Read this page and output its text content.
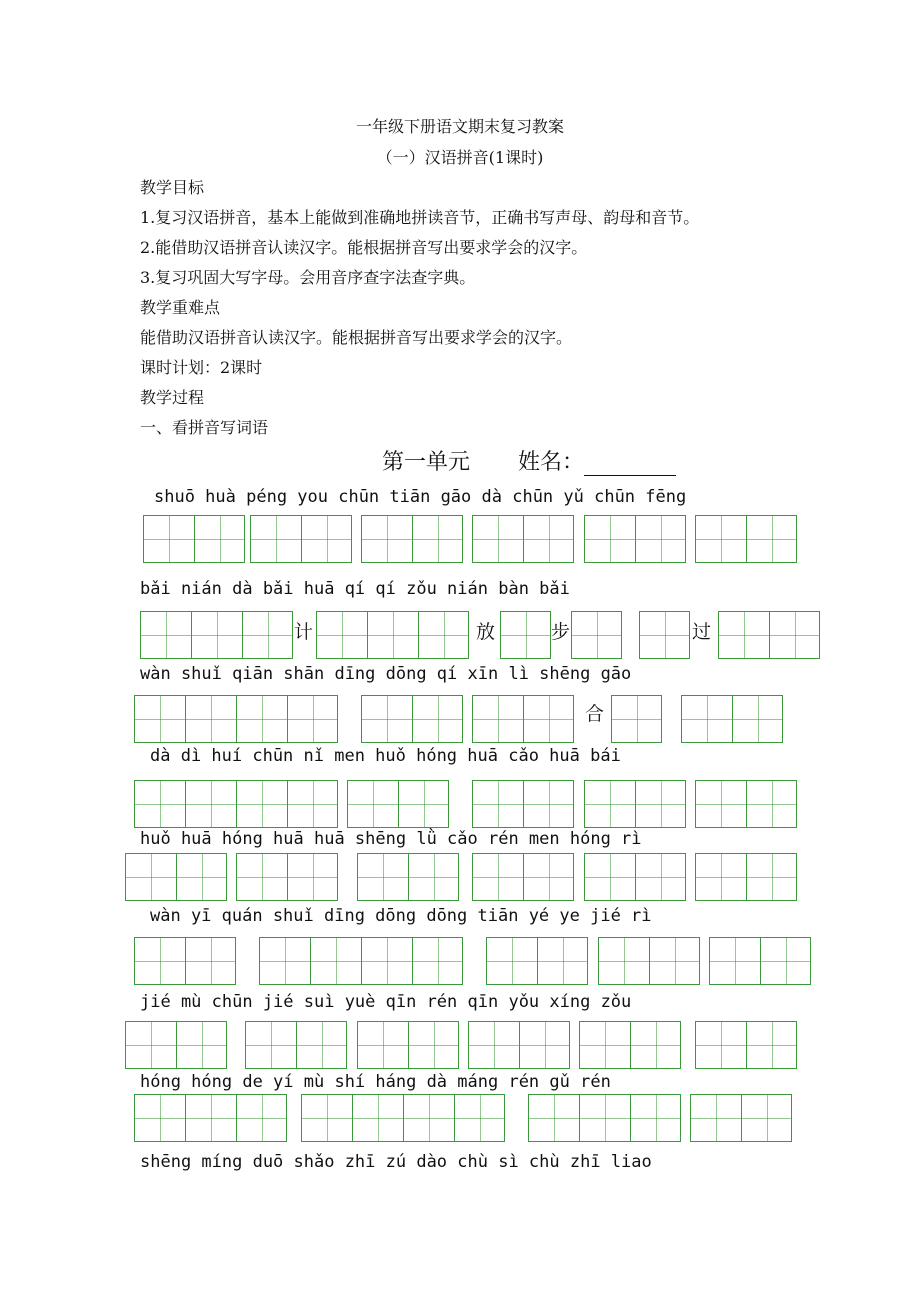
一年级下册语文期末复习教案
（一）汉语拼音(1课时)
教学目标
1.复习汉语拼音，基本上能做到准确地拼读音节，正确书写声母、韵母和音节。
2.能借助汉语拼音认读汉字。能根据拼音写出要求学会的汉字。
3.复习巩固大写字母。会用音序查字法查字典。
教学重难点
能借助汉语拼音认读汉字。能根据拼音写出要求学会的汉字。
课时计划：2课时
教学过程
一、看拼音写词语
第一单元 姓名：
shuō huà péng you chūn tiān gāo dà chūn yǔ chūn fēng
bǎi nián dà bǎi huā qí qí zǒu nián bàn bǎi
wàn shuǐ qiān shān dīng dōng qí xīn lì shēng gāo
dà dì huí chūn nǐ men huǒ hóng huā cǎo huā bái
huǒ huā hóng huā huā shēng lǜ cǎo rén men hóng rì
wàn yī quán shuǐ dīng dōng dōng tiān yé ye jié rì
jié mù chūn jié suì yuè qīn rén qīn yǒu xíng zǒu
hóng hóng de yí mù shí háng dà máng rén gǔ rén
shēng míng duō shǎo zhī zú dào chù sì chù zhī liao
计	放	步	过
合
